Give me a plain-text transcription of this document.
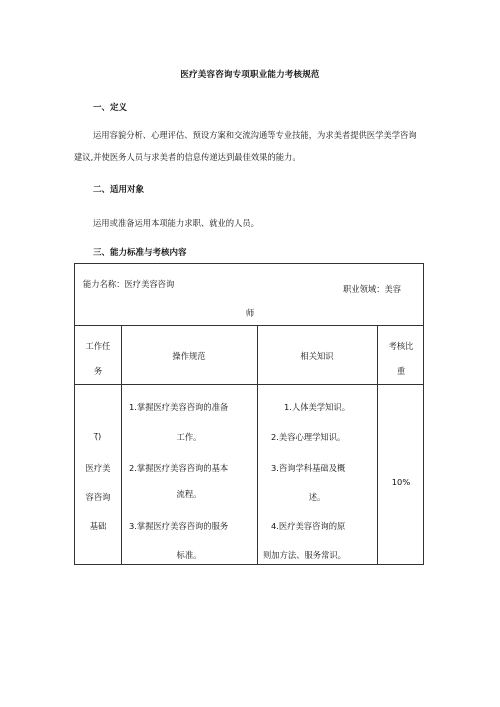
医疗美容咨询专项职业能力考核规范
一、定义
运用容貌分析、心理评估、预设方案和交流沟通等专业技能，为求美者提供医学美学咨询
建议,并使医务人员与求美者的信息传递达到最佳效果的能力。
二、适用对象
运用或准备运用本项能力求职、就业的人员。
三、能力标准与考核内容
能力名称：医疗美容咨询	职业领域：美容
师
工作任
务
操作规范	相关知识
考核比
重
(̅)
医疗美
容咨询
基础
1.掌握医疗美容咨询的准备
工作。
2.掌握医疗美容咨询的基本
流程。
3.掌握医疗美容咨询的服务
标准。
1.人体美学知识。
2.美容心理学知识。
3.咨询学科基础及概
述。
4.医疗美容咨询的原
则加方法、服务常识。
10%
